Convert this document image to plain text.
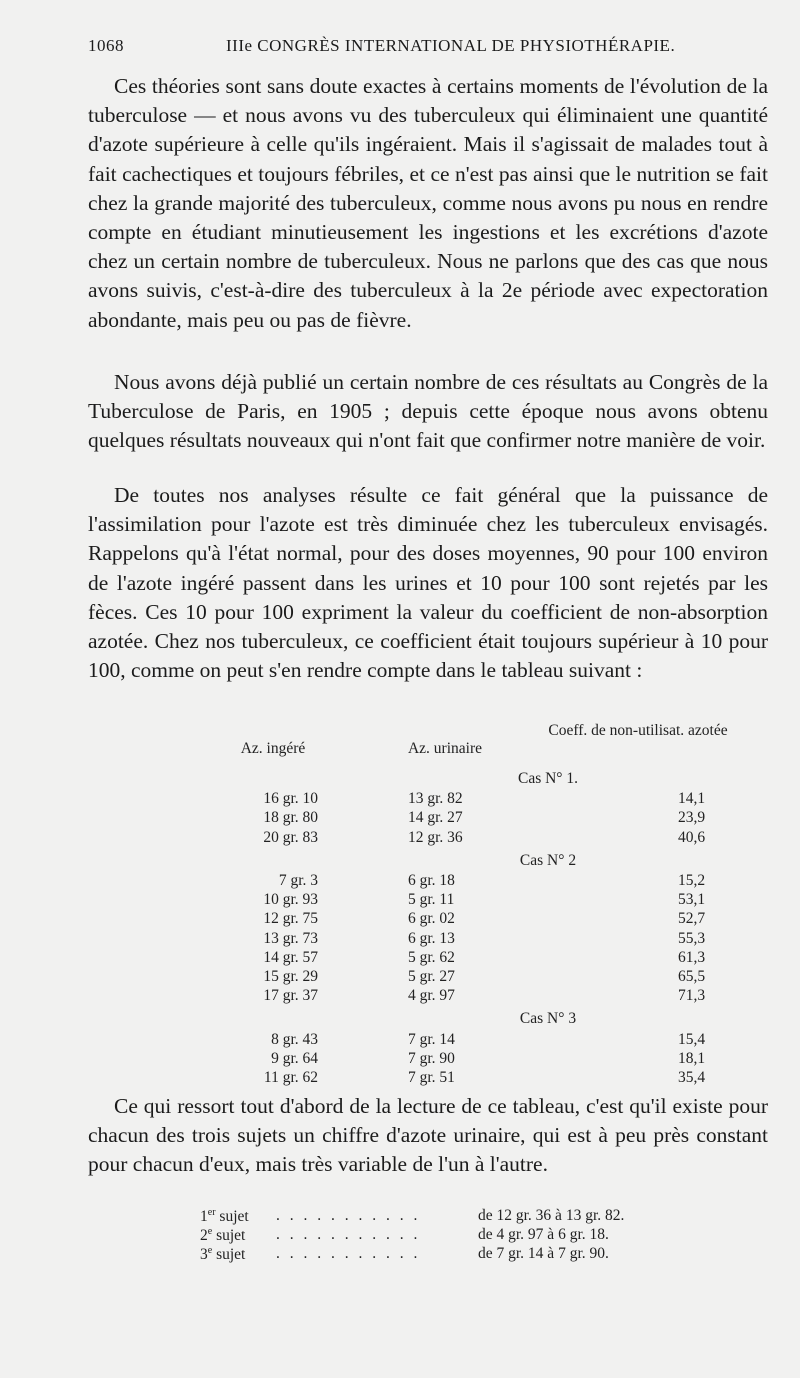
1068	IIIe CONGRÈS INTERNATIONAL DE PHYSIOTHÉRAPIE.

Ces théories sont sans doute exactes à certains moments de l'évolution de la tuberculose — et nous avons vu des tuberculeux qui éliminaient une quantité d'azote supérieure à celle qu'ils ingéraient. Mais il s'agissait de malades tout à fait cachectiques et toujours fébriles, et ce n'est pas ainsi que le nutrition se fait chez la grande majorité des tuberculeux, comme nous avons pu nous en rendre compte en étudiant minutieusement les ingestions et les excrétions d'azote chez un certain nombre de tuberculeux. Nous ne parlons que des cas que nous avons suivis, c'est-à-dire des tuberculeux à la 2e période avec expectoration abondante, mais peu ou pas de fièvre.

Nous avons déjà publié un certain nombre de ces résultats au Congrès de la Tuberculose de Paris, en 1905 ; depuis cette époque nous avons obtenu quelques résultats nouveaux qui n'ont fait que confirmer notre manière de voir.

De toutes nos analyses résulte ce fait général que la puissance de l'assimilation pour l'azote est très diminuée chez les tuberculeux envisagés. Rappelons qu'à l'état normal, pour des doses moyennes, 90 pour 100 environ de l'azote ingéré passent dans les urines et 10 pour 100 sont rejetés par les fèces. Ces 10 pour 100 expriment la valeur du coefficient de non-absorption azotée. Chez nos tuberculeux, ce coefficient était toujours supérieur à 10 pour 100, comme on peut s'en rendre compte dans le tableau suivant :

Az. ingéré	Az. urinaire
Coeff. de non-utilisat. azotée
Cas N° 1.
16 gr. 10	13 gr. 82	14,1
18 gr. 80	14 gr. 27	23,9
20 gr. 83	12 gr. 36	40,6
Cas N° 2
7 gr. 3	6 gr. 18	15,2
10 gr. 93	5 gr. 11	53,1
12 gr. 75	6 gr. 02	52,7
13 gr. 73	6 gr. 13	55,3
14 gr. 57	5 gr. 62	61,3
15 gr. 29	5 gr. 27	65,5
17 gr. 37	4 gr. 97	71,3
Cas N° 3
8 gr. 43	7 gr. 14	15,4
9 gr. 64	7 gr. 90	18,1
11 gr. 62	7 gr. 51	35,4

Ce qui ressort tout d'abord de la lecture de ce tableau, c'est qu'il existe pour chacun des trois sujets un chiffre d'azote urinaire, qui est à peu près constant pour chacun d'eux, mais très variable de l'un à l'autre.

1er sujet . . . . . . . . . . .	de 12 gr. 36 à 13 gr. 82.
2e sujet . . . . . . . . . . .	de 4 gr. 97 à 6 gr. 18.
3e sujet . . . . . . . . . . .	de 7 gr. 14 à 7 gr. 90.
